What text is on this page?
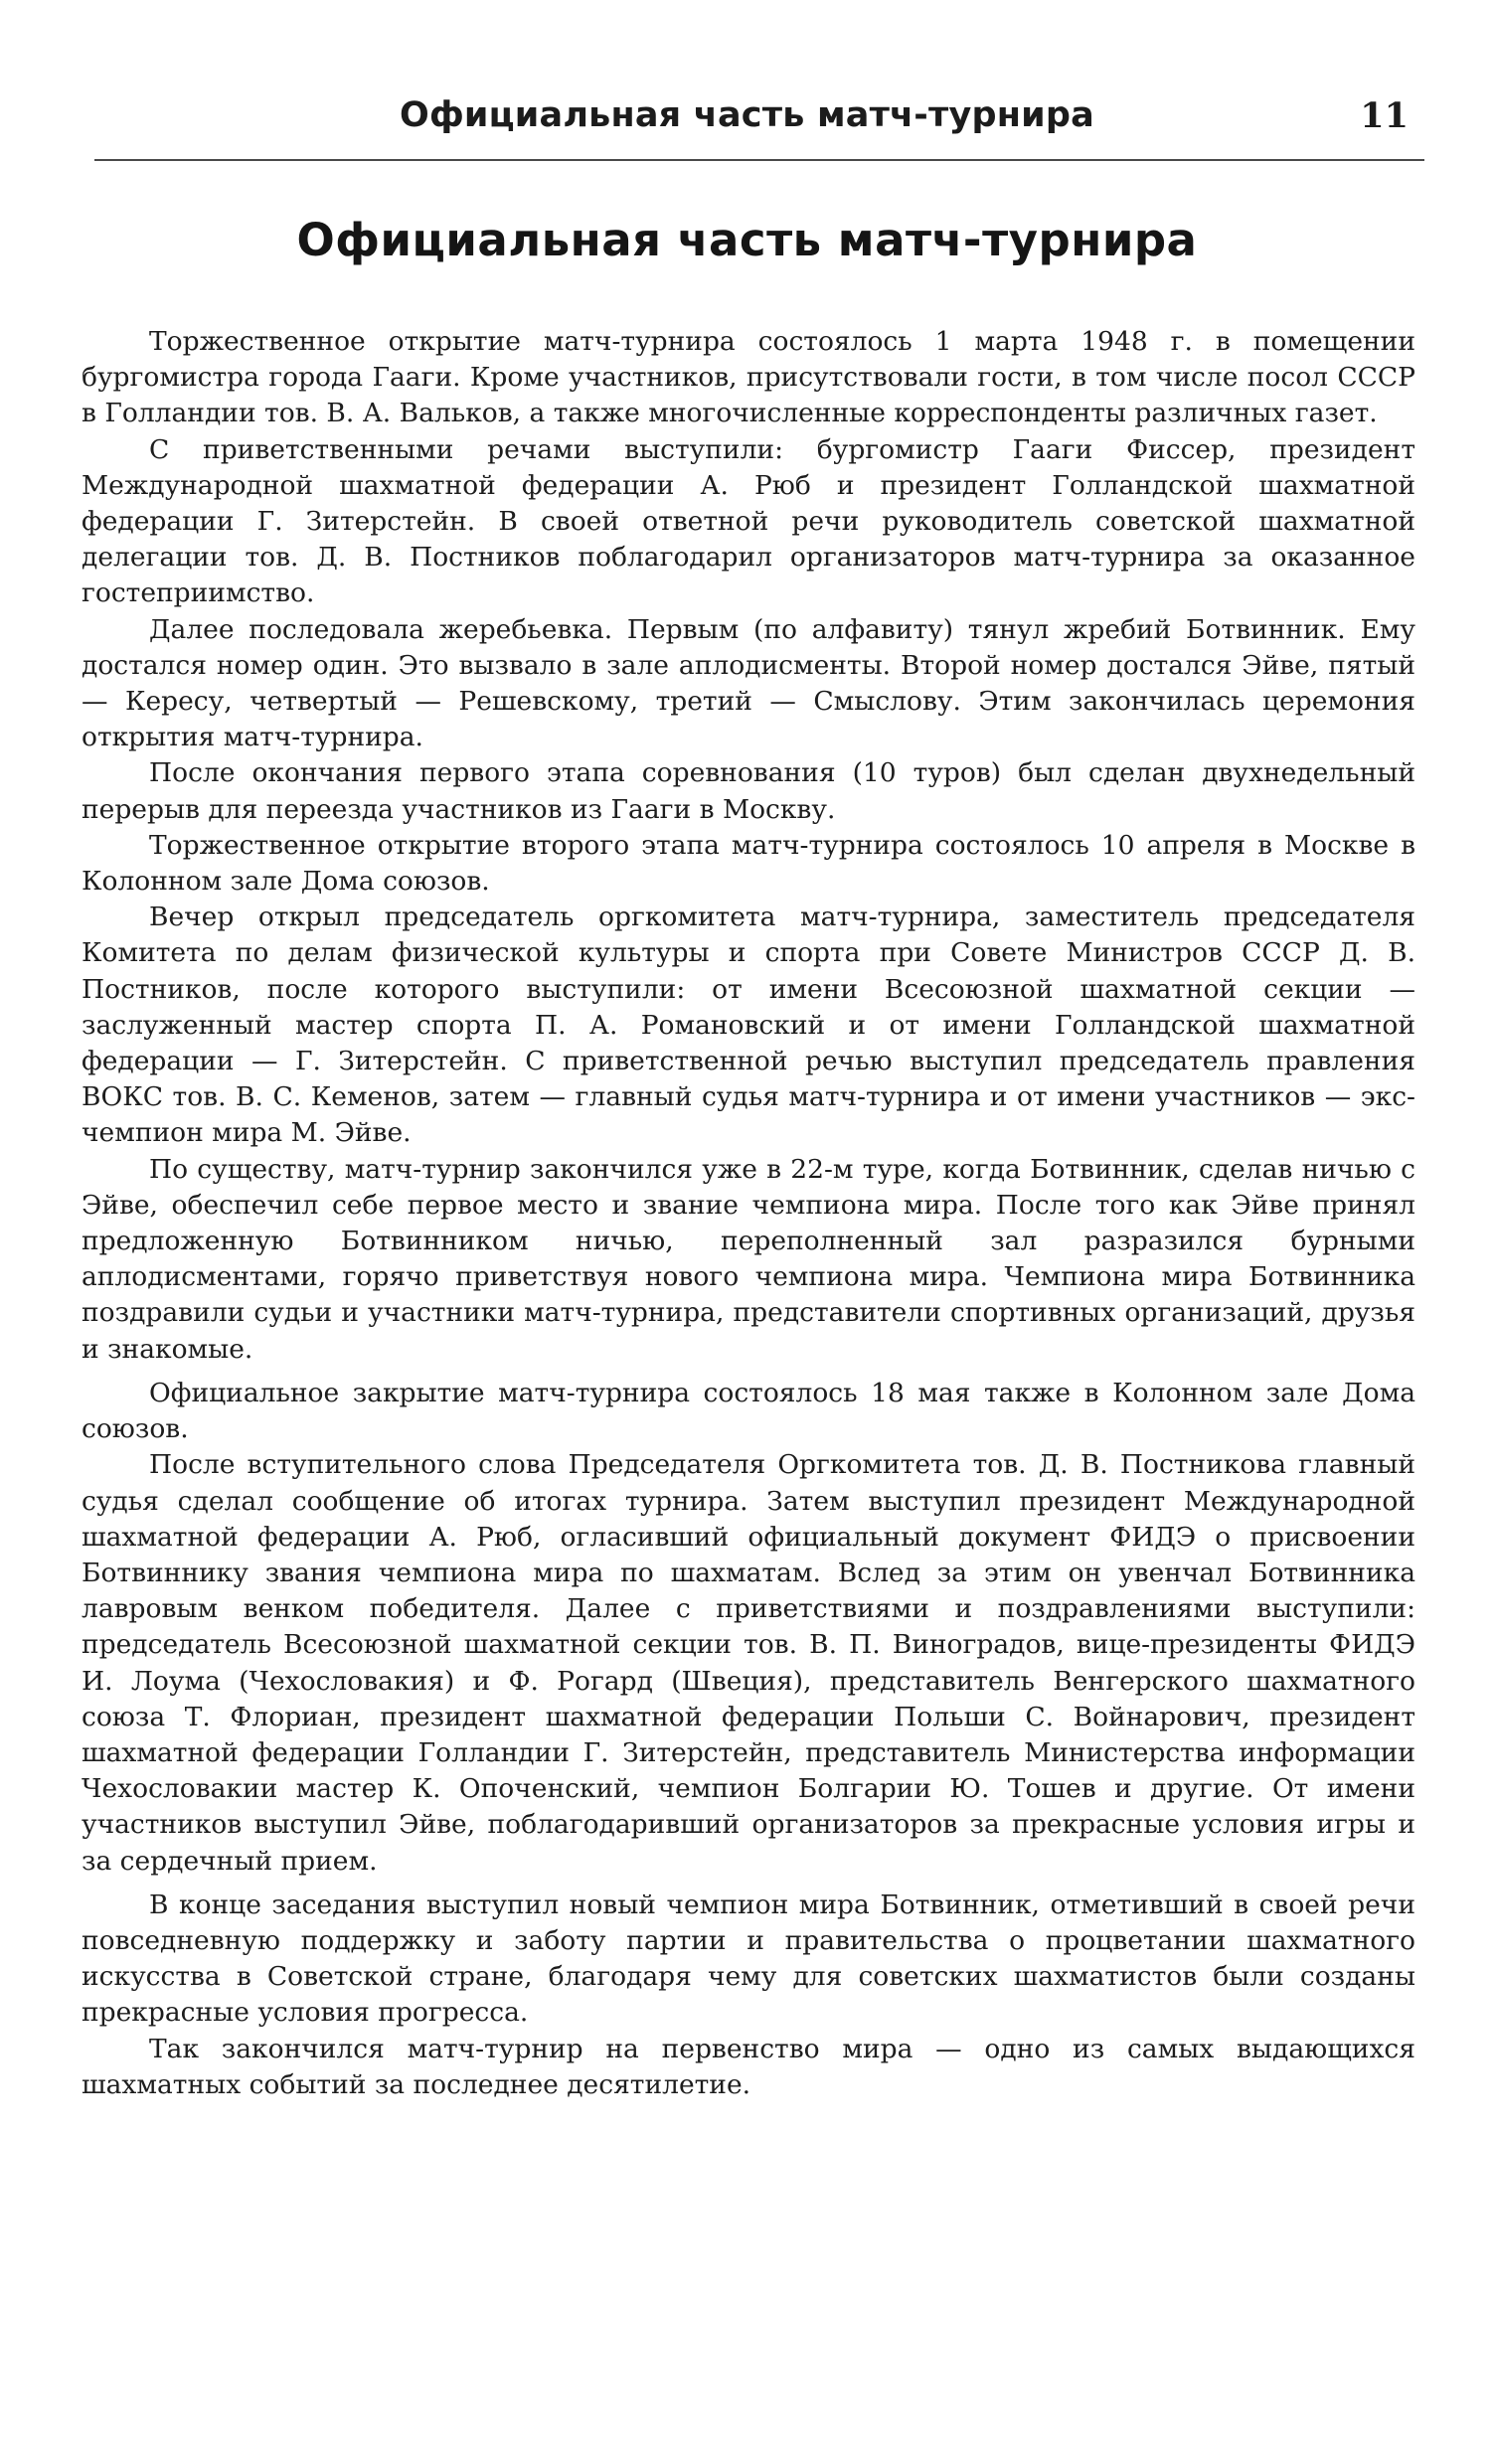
Официальная часть матч-турнира	11
Официальная часть матч-турнира

Торжественное открытие матч-турнира состоялось 1 марта 1948 г. в помещении бургомистра города Гааги. Кроме участников, присутствовали гости, в том числе посол СССР в Голландии тов. В. А. Вальков, а также многочисленные корреспонденты различных газет.

С приветственными речами выступили: бургомистр Гааги Фиссер, президент Международной шахматной федерации А. Рюб и президент Голландской шахматной федерации Г. Зитерстейн. В своей ответной речи руководитель советской шахматной делегации тов. Д. В. Постников поблагодарил организаторов матч-турнира за оказанное гостеприимство.

Далее последовала жеребьевка. Первым (по алфавиту) тянул жребий Ботвинник. Ему достался номер один. Это вызвало в зале аплодисменты. Второй номер достался Эйве, пятый — Кересу, четвертый — Решевскому, третий — Смыслову. Этим закончилась церемония открытия матч-турнира.

После окончания первого этапа соревнования (10 туров) был сделан двухнедельный перерыв для переезда участников из Гааги в Москву.

Торжественное открытие второго этапа матч-турнира состоялось 10 апреля в Москве в Колонном зале Дома союзов.

Вечер открыл председатель оргкомитета матч-турнира, заместитель председателя Комитета по делам физической культуры и спорта при Совете Министров СССР Д. В. Постников, после которого выступили: от имени Всесоюзной шахматной секции — заслуженный мастер спорта П. А. Романовский и от имени Голландской шахматной федерации — Г. Зитерстейн. С приветственной речью выступил председатель правления ВОКС тов. В. С. Кеменов, затем — главный судья матч-турнира и от имени участников — экс-чемпион мира М. Эйве.

По существу, матч-турнир закончился уже в 22-м туре, когда Ботвинник, сделав ничью с Эйве, обеспечил себе первое место и звание чемпиона мира. После того как Эйве принял предложенную Ботвинником ничью, переполненный зал разразился бурными аплодисментами, горячо приветствуя нового чемпиона мира. Чемпиона мира Ботвинника поздравили судьи и участники матч-турнира, представители спортивных организаций, друзья и знакомые.

Официальное закрытие матч-турнира состоялось 18 мая также в Колонном зале Дома союзов.

После вступительного слова Председателя Оргкомитета тов. Д. В. Постникова главный судья сделал сообщение об итогах турнира. Затем выступил президент Международной шахматной федерации А. Рюб, огласивший официальный документ ФИДЭ о присвоении Ботвиннику звания чемпиона мира по шахматам. Вслед за этим он увенчал Ботвинника лавровым венком победителя. Далее с приветствиями и поздравлениями выступили: председатель Всесоюзной шахматной секции тов. В. П. Виноградов, вице-президенты ФИДЭ И. Лоума (Чехословакия) и Ф. Рогард (Швеция), представитель Венгерского шахматного союза Т. Флориан, президент шахматной федерации Польши С. Войнарович, президент шахматной федерации Голландии Г. Зитерстейн, представитель Министерства информации Чехословакии мастер К. Опоченский, чемпион Болгарии Ю. Тошев и другие. От имени участников выступил Эйве, поблагодаривший организаторов за прекрасные условия игры и за сердечный прием.

В конце заседания выступил новый чемпион мира Ботвинник, отметивший в своей речи повседневную поддержку и заботу партии и правительства о процветании шахматного искусства в Советской стране, благодаря чему для советских шахматистов были созданы прекрасные условия прогресса.

Так закончился матч-турнир на первенство мира — одно из самых выдающихся шахматных событий за последнее десятилетие.
